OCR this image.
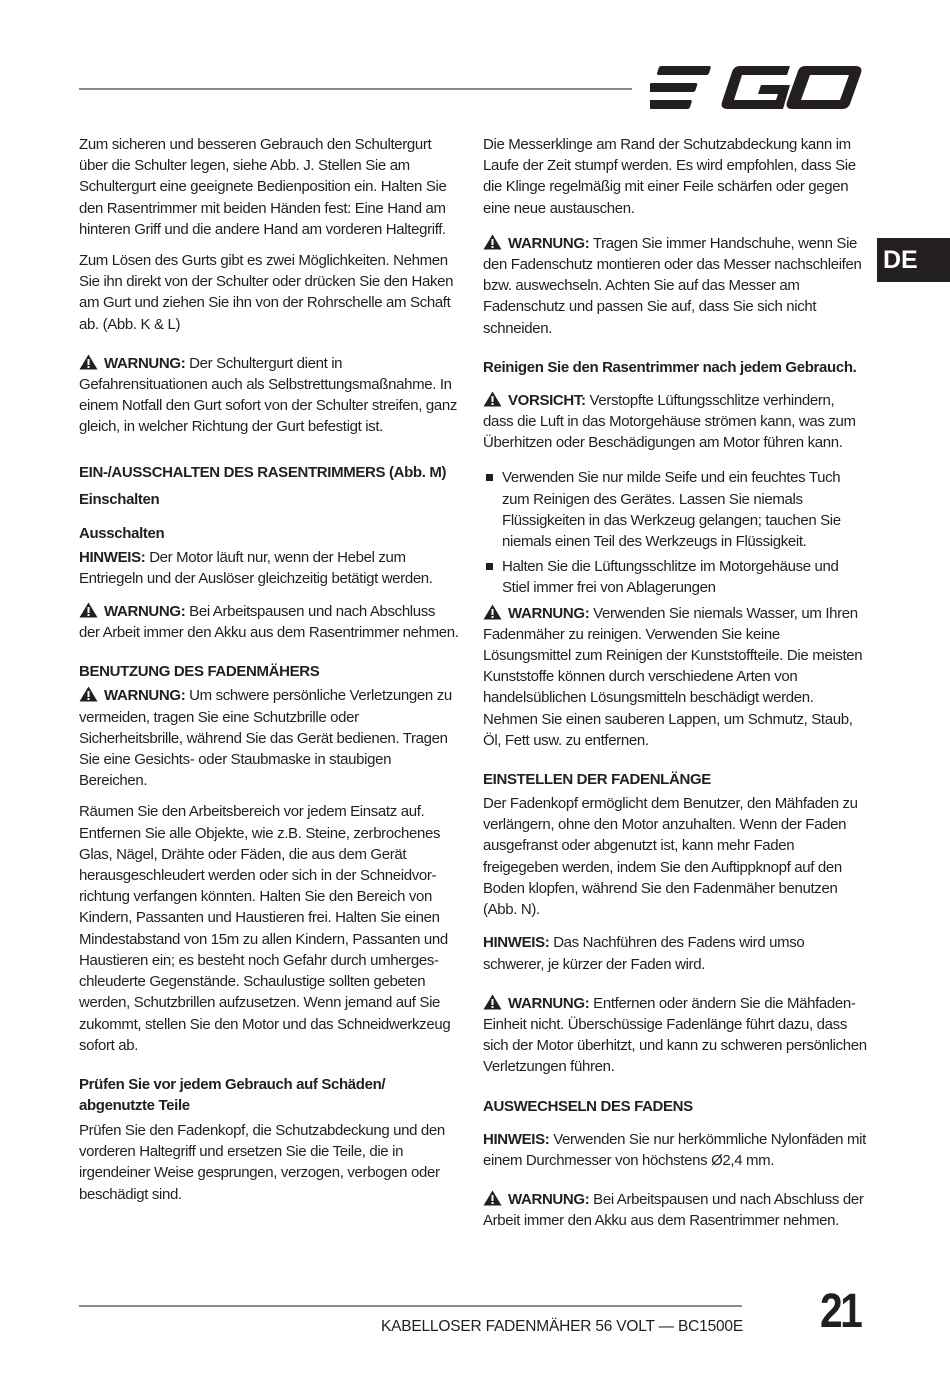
DE

Zum sicheren und besseren Gebrauch den Schultergurt über die Schulter legen, siehe Abb. J. Stellen Sie am Schultergurt eine geeignete Bedienposition ein. Halten Sie den Rasentrimmer mit beiden Händen fest: Eine Hand am hinteren Griff und die andere Hand am vorderen Haltegriff.

Zum Lösen des Gurts gibt es zwei Möglichkeiten. Nehmen Sie ihn direkt von der Schulter oder drücken Sie den Haken am Gurt und ziehen Sie ihn von der Rohrschelle am Schaft ab. (Abb. K & L)

WARNUNG: Der Schultergurt dient in Gefahrensituationen auch als Selbstrettungsmaßnahme. In einem Notfall den Gurt sofort von der Schulter streifen, ganz gleich, in welcher Richtung der Gurt befestigt ist.

EIN-/AUSSCHALTEN DES RASENTRIMMERS (Abb. M)
Einschalten
Ausschalten

HINWEIS: Der Motor läuft nur, wenn der Hebel zum Entriegeln und der Auslöser gleichzeitig betätigt werden.

WARNUNG: Bei Arbeitspausen und nach Abschluss der Arbeit immer den Akku aus dem Rasentrimmer nehmen.

BENUTZUNG DES FADENMÄHERS

WARNUNG: Um schwere persönliche Verletzungen zu vermeiden, tragen Sie eine Schutzbrille oder Sicherheitsbrille, während Sie das Gerät bedienen. Tragen Sie eine Gesichts- oder Staubmaske in staubigen Bereichen.

Räumen Sie den Arbeitsbereich vor jedem Einsatz auf. Entfernen Sie alle Objekte, wie z.B. Steine, zerbrochenes Glas, Nägel, Drähte oder Fäden, die aus dem Gerät herausgeschleudert werden oder sich in der Schneidvor-richtung verfangen könnten. Halten Sie den Bereich von Kindern, Passanten und Haustieren frei. Halten Sie einen Mindestabstand von 15m zu allen Kindern, Passanten und Haustieren ein; es besteht noch Gefahr durch umherges-chleuderte Gegenstände. Schaulustige sollten gebeten werden, Schutzbrillen aufzusetzen. Wenn jemand auf Sie zukommt, stellen Sie den Motor und das Schneidwerkzeug sofort ab.

Prüfen Sie vor jedem Gebrauch auf Schäden/ abgenutzte Teile

Prüfen Sie den Fadenkopf, die Schutzabdeckung und den vorderen Haltegriff und ersetzen Sie die Teile, die in irgendeiner Weise gesprungen, verzogen, verbogen oder beschädigt sind.

Die Messerklinge am Rand der Schutzabdeckung kann im Laufe der Zeit stumpf werden. Es wird empfohlen, dass Sie die Klinge regelmäßig mit einer Feile schärfen oder gegen eine neue austauschen.

WARNUNG: Tragen Sie immer Handschuhe, wenn Sie den Fadenschutz montieren oder das Messer nachschleifen bzw. auswechseln. Achten Sie auf das Messer am Fadenschutz und passen Sie auf, dass Sie sich nicht schneiden.

Reinigen Sie den Rasentrimmer nach jedem Gebrauch.

VORSICHT: Verstopfte Lüftungsschlitze verhindern, dass die Luft in das Motorgehäuse strömen kann, was zum Überhitzen oder Beschädigungen am Motor führen kann.

Verwenden Sie nur milde Seife und ein feuchtes Tuch zum Reinigen des Gerätes. Lassen Sie niemals Flüssigkeiten in das Werkzeug gelangen; tauchen Sie niemals einen Teil des Werkzeugs in Flüssigkeit.
Halten Sie die Lüftungsschlitze im Motorgehäuse und Stiel immer frei von Ablagerungen

WARNUNG: Verwenden Sie niemals Wasser, um Ihren Fadenmäher zu reinigen. Verwenden Sie keine Lösungsmittel zum Reinigen der Kunststoffteile. Die meisten Kunststoffe können durch verschiedene Arten von handelsüblichen Lösungsmitteln beschädigt werden. Nehmen Sie einen sauberen Lappen, um Schmutz, Staub, Öl, Fett usw. zu entfernen.

EINSTELLEN DER FADENLÄNGE

Der Fadenkopf ermöglicht dem Benutzer, den Mähfaden zu verlängern, ohne den Motor anzuhalten. Wenn der Faden ausgefranst oder abgenutzt ist, kann mehr Faden freigegeben werden, indem Sie den Auftippknopf auf den Boden klopfen, während Sie den Fadenmäher benutzen (Abb. N).

HINWEIS: Das Nachführen des Fadens wird umso schwerer, je kürzer der Faden wird.

WARNUNG: Entfernen oder ändern Sie die Mähfaden-Einheit nicht. Überschüssige Fadenlänge führt dazu, dass sich der Motor überhitzt, und kann zu schweren persönlichen Verletzungen führen.

AUSWECHSELN DES FADENS

HINWEIS: Verwenden Sie nur herkömmliche Nylonfäden mit einem Durchmesser von höchstens Ø2,4 mm.

WARNUNG: Bei Arbeitspausen und nach Abschluss der Arbeit immer den Akku aus dem Rasentrimmer nehmen.

KABELLOSER FADENMÄHER 56 VOLT — BC1500E 21
